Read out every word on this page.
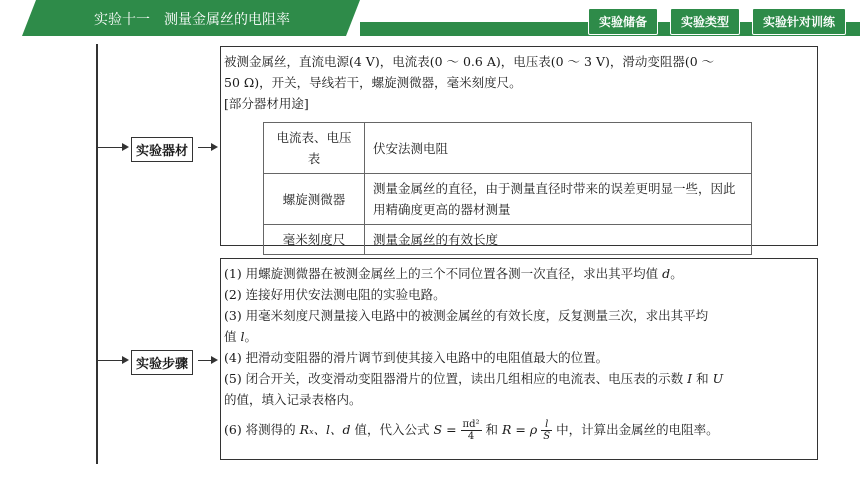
实验十一　测量金属丝的电阻率	实验储备	实验类型	实验针对训练
实验器材

被测金属丝，直流电源(4 V)，电流表(0 ～ 0.6 A)，电压表(0 ～ 3 V)，滑动变阻器(0 ～

50 Ω)，开关，导线若干，螺旋测微器，毫米刻度尺。

[部分器材用途]

电流表、电压表	伏安法测电阻
螺旋测微器	测量金属丝的直径，由于测量直径时带来的误差更明显一些，因此用精确度更高的器材测量
毫米刻度尺	测量金属丝的有效长度
实验步骤

(1) 用螺旋测微器在被测金属丝上的三个不同位置各测一次直径，求出其平均值 d。

(2) 连接好用伏安法测电阻的实验电路。

(3) 用毫米刻度尺测量接入电路中的被测金属丝的有效长度，反复测量三次，求出其平均

值 l。

(4) 把滑动变阻器的滑片调节到使其接入电路中的电阻值最大的位置。

(5) 闭合开关，改变滑动变阻器滑片的位置，读出几组相应的电流表、电压表的示数 I 和 U

的值，填入记录表格内。

(6) 将测得的 Rₓ、l、d 值，代入公式 $S = \frac{\text{πd²}}{4}$ 和 R = ρ $\frac{l}{S}$ 中，计算出金属丝的电阻率。
